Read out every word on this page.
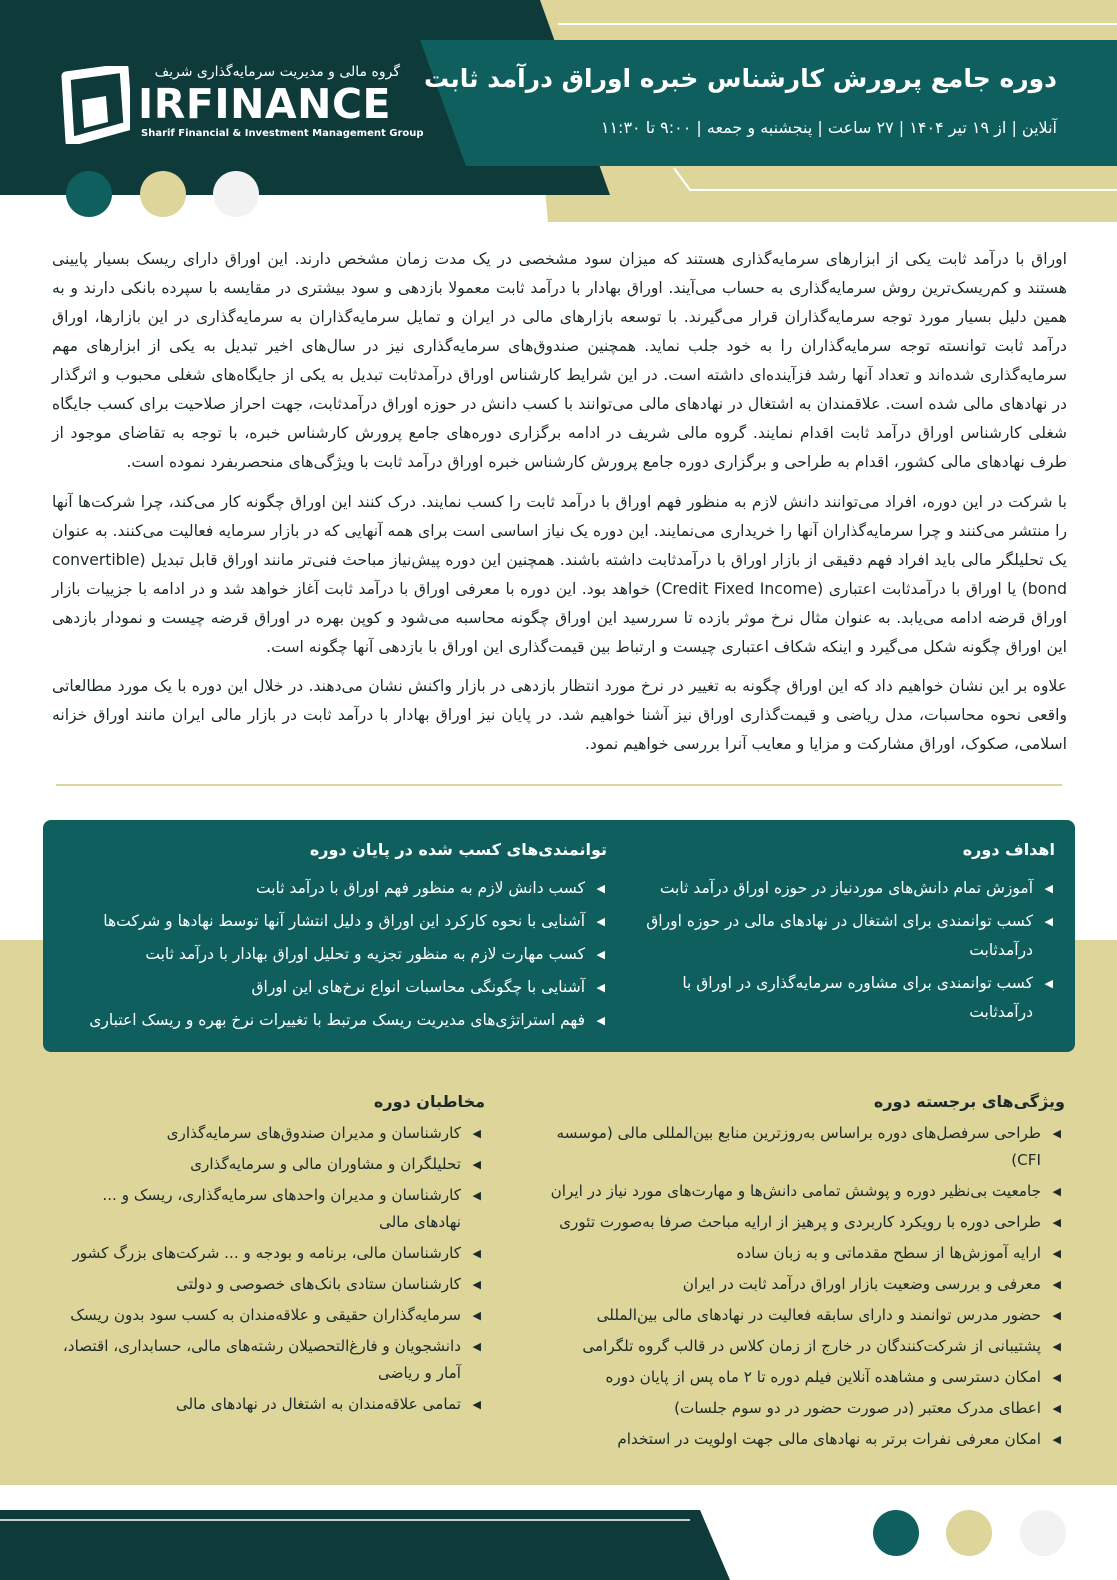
گروه مالی و مدیریت سرمایه‌گذاری شریف
IRFINANCE
Sharif Financial & Investment Management Group
دوره جامع پرورش کارشناس خبره اوراق درآمد ثابت
آنلاین | از ۱۹ تیر ۱۴۰۴ | ۲۷ ساعت | پنجشنبه و جمعه | ۹:۰۰ تا ۱۱:۳۰

اوراق با درآمد ثابت یکی از ابزارهای سرمایه‌گذاری هستند که میزان سود مشخصی در یک مدت زمان مشخص دارند. این اوراق دارای ریسک بسیار پایینی هستند و کم‌ریسک‌ترین روش سرمایه‌گذاری به حساب می‌آیند. اوراق بهادار با درآمد ثابت معمولا بازدهی و سود بیشتری در مقایسه با سپرده بانکی دارند و به همین دلیل بسیار مورد توجه سرمایه‌گذاران قرار می‌گیرند. با توسعه بازارهای مالی در ایران و تمایل سرمایه‌گذاران به سرمایه‌گذاری در این بازارها، اوراق درآمد ثابت توانسته توجه سرمایه‌گذاران را به خود جلب نماید. همچنین صندوق‌های سرمایه‌گذاری نیز در سال‌های اخیر تبدیل به یکی از ابزارهای مهم سرمایه‌گذاری شده‌اند و تعداد آنها رشد فزآینده‌ای داشته است. در این شرایط کارشناس اوراق درآمدثابت تبدیل به یکی از جایگاه‌های شغلی محبوب و اثرگذار در نهادهای مالی شده است. علاقمندان به اشتغال در نهادهای مالی می‌توانند با کسب دانش در حوزه اوراق درآمدثابت، جهت احراز صلاحیت برای کسب جایگاه شغلی کارشناس اوراق درآمد ثابت اقدام نمایند. گروه مالی شریف در ادامه برگزاری دوره‌های جامع پرورش کارشناس خبره، با توجه به تقاضای موجود از طرف نهادهای مالی کشور، اقدام به طراحی و برگزاری دوره جامع پرورش کارشناس خبره اوراق درآمد ثابت با ویژگی‌های منحصربفرد نموده است.

با شرکت در این دوره، افراد می‌توانند دانش لازم به منظور فهم اوراق با درآمد ثابت را کسب نمایند. درک کنند این اوراق چگونه کار می‌کند، چرا شرکت‌ها آنها را منتشر می‌کنند و چرا سرمایه‌گذاران آنها را خریداری می‌نمایند. این دوره یک نیاز اساسی است برای همه آنهایی که در بازار سرمایه فعالیت می‌کنند. به عنوان یک تحلیلگر مالی باید افراد فهم دقیقی از بازار اوراق با درآمدثابت داشته باشند. همچنین این دوره پیش‌نیاز مباحث فنی‌تر مانند اوراق قابل تبدیل (convertible bond) یا اوراق با درآمدثابت اعتباری (Credit Fixed Income) خواهد بود. این دوره با معرفی اوراق با درآمد ثابت آغاز خواهد شد و در ادامه با جزییات بازار اوراق قرضه ادامه می‌یابد. به عنوان مثال نرخ موثر بازده تا سررسید این اوراق چگونه محاسبه می‌شود و کوپن بهره در اوراق قرضه چیست و نمودار بازدهی این اوراق چگونه شکل می‌گیرد و اینکه شکاف اعتباری چیست و ارتباط بین قیمت‌گذاری این اوراق با بازدهی آنها چگونه است.

علاوه بر این نشان خواهیم داد که این اوراق چگونه به تغییر در نرخ مورد انتظار بازدهی در بازار واکنش نشان می‌دهند. در خلال این دوره با یک مورد مطالعاتی واقعی نحوه محاسبات، مدل ریاضی و قیمت‌گذاری اوراق نیز آشنا خواهیم شد. در پایان نیز اوراق بهادار با درآمد ثابت در بازار مالی ایران مانند اوراق خزانه اسلامی، صکوک، اوراق مشارکت و مزایا و معایب آنرا بررسی خواهیم نمود.

اهداف دوره
◀
آموزش تمام دانش‌های موردنیاز در حوزه اوراق درآمد ثابت
◀
کسب توانمندی برای اشتغال در نهادهای مالی در حوزه اوراق درآمدثابت
◀
کسب توانمندی برای مشاوره سرمایه‌گذاری در اوراق با درآمدثابت
توانمندی‌های کسب شده در پایان دوره
◀
کسب دانش لازم به منظور فهم اوراق با درآمد ثابت
◀
آشنایی با نحوه کارکرد این اوراق و دلیل انتشار آنها توسط نهادها و شرکت‌ها
◀
کسب مهارت لازم به منظور تجزیه و تحلیل اوراق بهادار با درآمد ثابت
◀
آشنایی با چگونگی محاسبات انواع نرخ‌های این اوراق
◀
فهم استراتژی‌های مدیریت ریسک مرتبط با تغییرات نرخ بهره و ریسک اعتباری
ویژگی‌های برجسته دوره
◀
طراحی سرفصل‌های دوره براساس به‌روزترین منابع بین‌المللی مالی (موسسه CFI)
◀
جامعیت بی‌نظیر دوره و پوشش تمامی دانش‌ها و مهارت‌های مورد نیاز در ایران
◀
طراحی دوره با رویکرد کاربردی و پرهیز از ارایه مباحث صرفا به‌صورت تئوری
◀
ارایه آموزش‌ها از سطح مقدماتی و به زبان ساده
◀
معرفی و بررسی وضعیت بازار اوراق درآمد ثابت در ایران
◀
حضور مدرس توانمند و دارای سابقه فعالیت در نهادهای مالی بین‌المللی
◀
پشتیبانی از شرکت‌کنندگان در خارج از زمان کلاس در قالب گروه تلگرامی
◀
امکان دسترسی و مشاهده آنلاین فیلم دوره تا ۲ ماه پس از پایان دوره
◀
اعطای مدرک معتبر (در صورت حضور در دو سوم جلسات)
◀
امکان معرفی نفرات برتر به نهادهای مالی جهت اولویت در استخدام
مخاطبان دوره
◀
کارشناسان و مدیران صندوق‌های سرمایه‌گذاری
◀
تحلیلگران و مشاوران مالی و سرمایه‌گذاری
◀
کارشناسان و مدیران واحدهای سرمایه‌گذاری، ریسک و ... نهادهای مالی
◀
کارشناسان مالی، برنامه و بودجه و ... شرکت‌های بزرگ کشور
◀
کارشناسان ستادی بانک‌های خصوصی و دولتی
◀
سرمایه‌گذاران حقیقی و علاقه‌مندان به کسب سود بدون ریسک
◀
دانشجویان و فارغ‌التحصیلان رشته‌های مالی، حسابداری، اقتصاد، آمار و ریاضی
◀
تمامی علاقه‌مندان به اشتغال در نهادهای مالی
